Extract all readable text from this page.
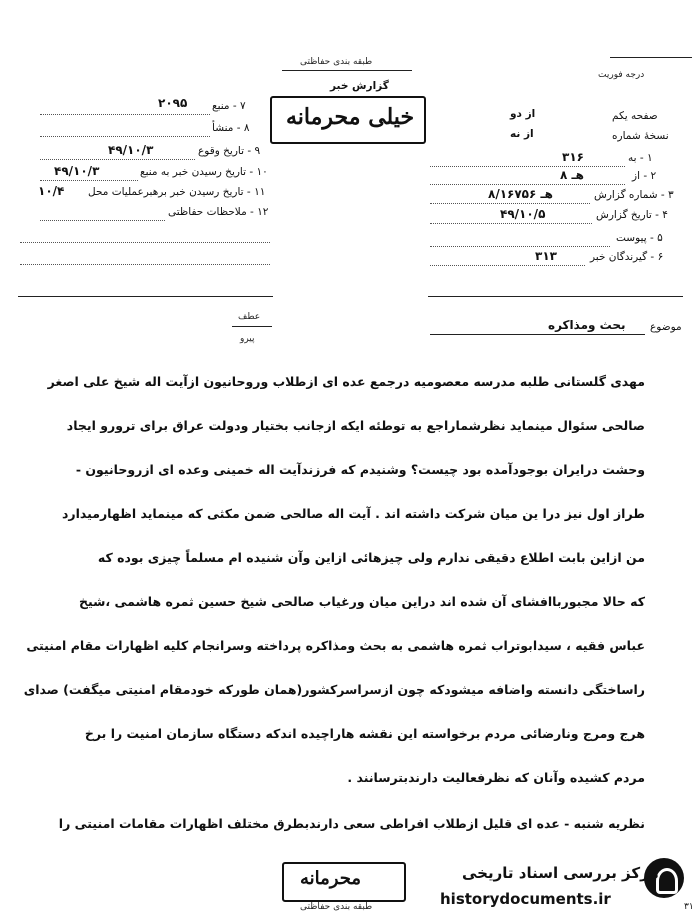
طبقه بندی حفاظتی
درجه فوریت
گزارش خبر
خیلی محرمانه	صفحه یکم
از دو
نسخهٔ شماره
از نه
۷ - منبع
۲۰۹۵
۸ - منشأ
۹ - تاریخ وقوع
۴۹/۱۰/۳
۱۰ - تاریخ رسیدن خبر به منبع
۴۹/۱۰/۳
۱۱ - تاریخ رسیدن خبر برهبرعملیات محل
۱۰/۴
۱۲ - ملاحظات حفاظتی
۱ - به
۳۱۶
۲ - از
۸ هـ
۳ - شماره گزارش
۸/۱۶۷۵۶ هـ
۴ - تاریخ گزارش
۴۹/۱۰/۵
۵ - پیوست
۶ - گیرندگان خبر
۳۱۳
عطف
پیرو
موضوع
بحث ومذاکره
مهدی گلستانی طلبه مدرسه معصومیه درجمع عده ای ازطلاب وروحانیون ازآیت اله شیخ علی اصغر
صالحی سئوال مینماید نظرشماراجع به توطئه ایکه ازجانب بختیار ودولت عراق برای ترورو ایجاد
وحشت درایران بوجودآمده بود چیست؟ وشنیدم که فرزندآیت اله خمینی وعده ای ازروحانیون -
طراز اول نیز درا ین میان شرکت داشته اند . آیت اله صالحی ضمن مکثی که مینماید اظهارمیدارد
من ازاین بابت اطلاع دقیقی ندارم ولی چیزهائی ازاین وآن شنیده ام مسلماً چیزی بوده که
که حالا مجبورباافشای آن شده اند دراین میان ورغیاب صالحی شیخ حسین ثمره هاشمی ،شیخ
عباس فقیه ، سیدابوتراب ثمره هاشمی به بحث ومذاکره پرداخته وسرانجام کلیه اظهارات مقام امنیتی
راساختگی دانسته واضافه میشودکه چون ازسراسرکشور(همان طورکه خودمقام امنیتی میگفت) صدای
هرج ومرج ونارضائی مردم برخواسته این نقشه هاراچیده اندکه دستگاه سازمان امنیت را برخ
مردم کشیده وآنان که نظرفعالیت دارندبترسانند .
نظریه شنبه - عده ای قلیل ازطلاب افراطی سعی دارندبطرق مختلف اظهارات مقامات امنیتی را
محرمانه
طبقه بندی حفاظتی
مرکز بررسی اسناد تاریخی
historydocuments.ir	۳۱
